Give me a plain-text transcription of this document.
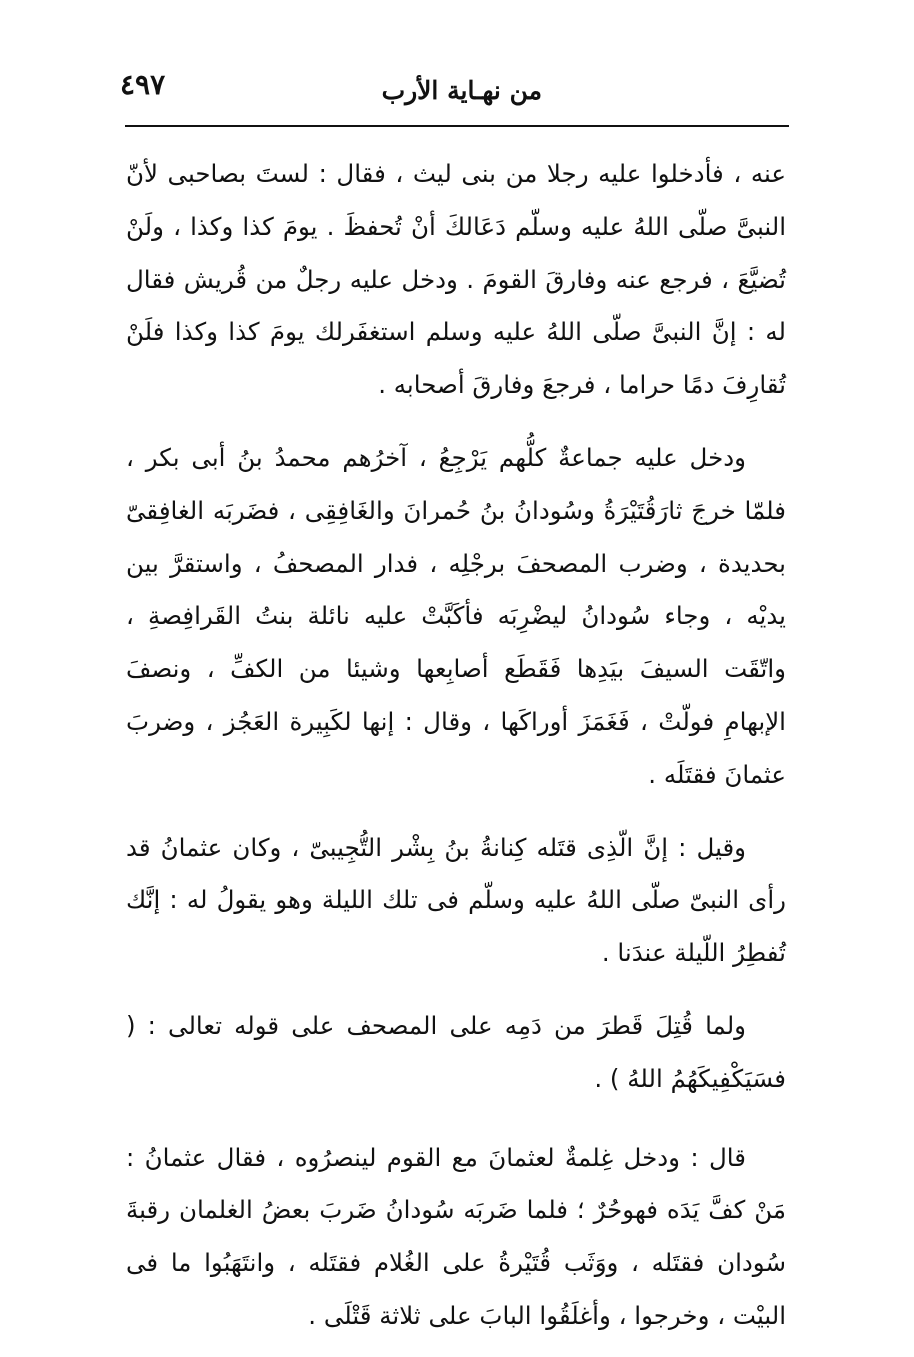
٤٩٧	من نهـاية الأرب

عنه ، فأدخلوا عليه رجلا من بنى ليث ، فقال : لستَ بصاحبى لأنّ النبىَّ صلّى اللهُ عليه وسلّم دَعَالكَ أنْ تُحفظَ . يومَ كذا وكذا ، ولَنْ تُضيَّعَ ، فرجع عنه وفارقَ القومَ . ودخل عليه رجلٌ من قُريش فقال له : إنَّ النبىَّ صلّى اللهُ عليه وسلم استغفَرلك يومَ كذا وكذا فلَنْ تُقارِفَ دمًا حراما ، فرجعَ وفارقَ أصحابه .

ودخل عليه جماعةٌ كلُّهم يَرْجِعُ ، آخرُهم محمدُ بنُ أبى بكر ، فلمّا خرجَ ثارَقُتَيْرَةُ وسُودانُ بنُ حُمرانَ والغَافِقِى ، فضَربَه الغافِقىّ بحديدة ، وضرب المصحفَ برجْلِه ، فدار المصحفُ ، واستقرَّ بين يديْه ، وجاء سُودانُ ليضْرِبَه فأكَبَّتْ عليه نائلة بنتُ القَرافِصةِ ، واتّقَت السيفَ بيَدِها فَقَطَع أصابِعها وشيئا من الكفِّ ، ونصفَ الإبهامِ فولّتْ ، فَغَمَزَ أوراكَها ، وقال : إنها لكَبِيرة العَجُز ، وضربَ عثمانَ فقتَلَه .

وقيل : إنَّ الّذِى قتَله كِنانةُ بنُ بِشْر التُّجِيبىّ ، وكان عثمانُ قد رأى النبىّ صلّى اللهُ عليه وسلّم فى تلك الليلة وهو يقولُ له : إنَّك تُفطِرُ اللّيلة عندَنا .

ولما قُتِلَ قَطرَ من دَمِه على المصحف على قوله تعالى : ( فسَيَكْفِيكَهُمُ اللهُ ) .

قال : ودخل غِلمةٌ لعثمانَ مع القوم لينصرُوه ، فقال عثمانُ : مَنْ كفَّ يَدَه فهوحُرٌ ؛ فلما ضَربَه سُودانُ ضَربَ بعضُ الغلمان رقبةَ سُودان فقتَله ، ووَثَب قُتَيْرةُ على الغُلام فقتَله ، وانتَهَبُوا ما فى البيْت ، وخرجوا ، وأغلَقُوا البابَ على ثلاثة قَتْلَى .
